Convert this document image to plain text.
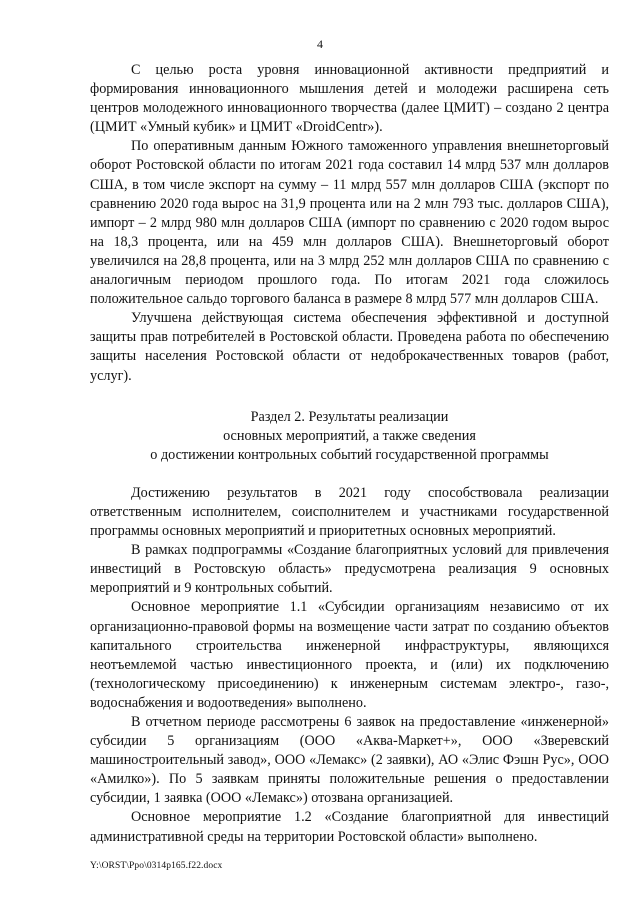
4

С целью роста уровня инновационной активности предприятий и формирования инновационного мышления детей и молодежи расширена сеть центров молодежного инновационного творчества (далее ЦМИТ) – создано 2 центра (ЦМИТ «Умный кубик» и ЦМИТ «DroidCentr»).

По оперативным данным Южного таможенного управления внешнеторговый оборот Ростовской области по итогам 2021 года составил 14 млрд 537 млн долларов США, в том числе экспорт на сумму – 11 млрд 557 млн долларов США (экспорт по сравнению 2020 года вырос на 31,9 процента или на 2 млн 793 тыс. долларов США), импорт – 2 млрд 980 млн долларов США (импорт по сравнению с 2020 годом вырос на 18,3 процента, или на 459 млн долларов США). Внешнеторговый оборот увеличился на 28,8 процента, или на 3 млрд 252 млн долларов США по сравнению с аналогичным периодом прошлого года. По итогам 2021 года сложилось положительное сальдо торгового баланса в размере 8 млрд 577 млн долларов США.

Улучшена действующая система обеспечения эффективной и доступной защиты прав потребителей в Ростовской области. Проведена работа по обеспечению защиты населения Ростовской области от недоброкачественных товаров (работ, услуг).

Раздел 2. Результаты реализации
основных мероприятий, а также сведения
о достижении контрольных событий государственной программы

Достижению результатов в 2021 году способствовала реализации ответственным исполнителем, соисполнителем и участниками государственной программы основных мероприятий и приоритетных основных мероприятий.

В рамках подпрограммы «Создание благоприятных условий для привлечения инвестиций в Ростовскую область» предусмотрена реализация 9 основных мероприятий и 9 контрольных событий.

Основное мероприятие 1.1 «Субсидии организациям независимо от их организационно-правовой формы на возмещение части затрат по созданию объектов капитального строительства инженерной инфраструктуры, являющихся неотъемлемой частью инвестиционного проекта, и (или) их подключению (технологическому присоединению) к инженерным системам электро-, газо-, водоснабжения и водоотведения» выполнено.

В отчетном периоде рассмотрены 6 заявок на предоставление «инженерной» субсидии 5 организациям (ООО «Аква-Маркет+», ООО «Зверевский машиностроительный завод», ООО «Лемакс» (2 заявки), АО «Элис Фэшн Рус», ООО «Амилко»). По 5 заявкам приняты положительные решения о предоставлении субсидии, 1 заявка (ООО «Лемакс») отозвана организацией.

Основное мероприятие 1.2 «Создание благоприятной для инвестиций административной среды на территории Ростовской области» выполнено.

Y:\ORST\Ppo\0314p165.f22.docx
